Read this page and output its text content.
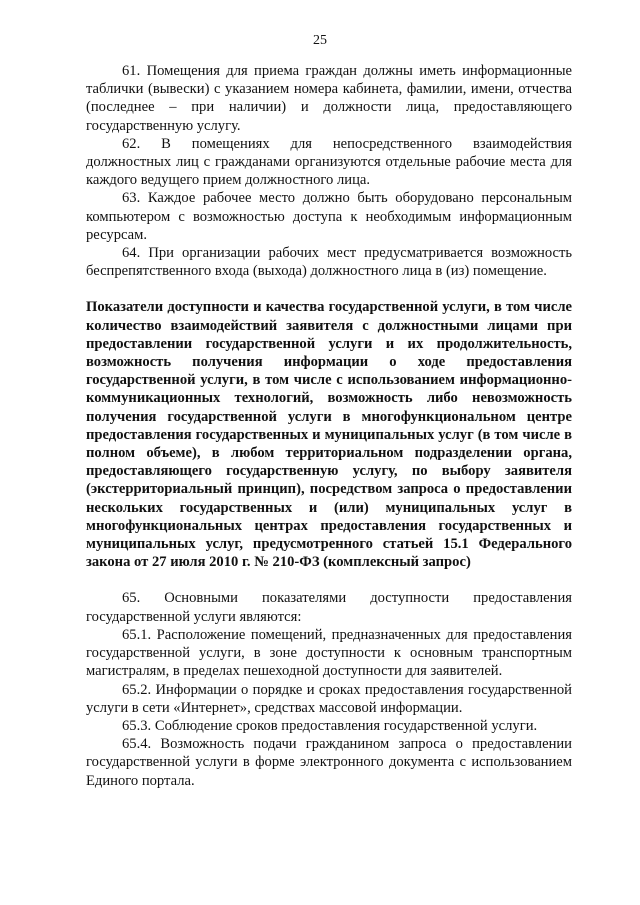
25

61. Помещения для приема граждан должны иметь информационные таблички (вывески) с указанием номера кабинета, фамилии, имени, отчества (последнее – при наличии) и должности лица, предоставляющего государственную услугу.

62. В помещениях для непосредственного взаимодействия должностных лиц с гражданами организуются отдельные рабочие места для каждого ведущего прием должностного лица.

63. Каждое рабочее место должно быть оборудовано персональным компьютером с возможностью доступа к необходимым информационным ресурсам.

64. При организации рабочих мест предусматривается возможность беспрепятственного входа (выхода) должностного лица в (из) помещение.

Показатели доступности и качества государственной услуги, в том числе количество взаимодействий заявителя с должностными лицами при предоставлении государственной услуги и их продолжительность, возможность получения информации о ходе предоставления государственной услуги, в том числе с использованием информационно-коммуникационных технологий, возможность либо невозможность получения государственной услуги в многофункциональном центре предоставления государственных и муниципальных услуг (в том числе в полном объеме), в любом территориальном подразделении органа, предоставляющего государственную услугу, по выбору заявителя (экстерриториальный принцип), посредством запроса о предоставлении нескольких государственных и (или) муниципальных услуг в многофункциональных центрах предоставления государственных и муниципальных услуг, предусмотренного статьей 15.1 Федерального закона от 27 июля 2010 г. № 210-ФЗ (комплексный запрос)

65. Основными показателями доступности предоставления государственной услуги являются:

65.1. Расположение помещений, предназначенных для предоставления государственной услуги, в зоне доступности к основным транспортным магистралям, в пределах пешеходной доступности для заявителей.

65.2. Информации о порядке и сроках предоставления государственной услуги в сети «Интернет», средствах массовой информации.

65.3. Соблюдение сроков предоставления государственной услуги.

65.4. Возможность подачи гражданином запроса о предоставлении государственной услуги в форме электронного документа с использованием Единого портала.
